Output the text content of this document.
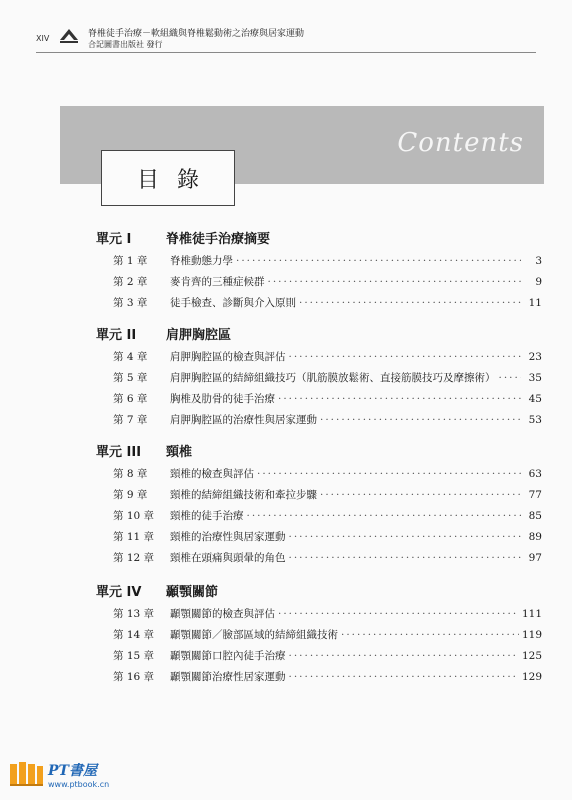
XIV	脊椎徒手治療－軟組織與脊椎鬆動術之治療與居家運動
合記圖書出版社 發行
Contents
目錄
單元 I	脊椎徒手治療摘要
第 1 章	脊椎動態力學 ·····	3
第 2 章	麥肯齊的三種症候群 ·····	9
第 3 章	徒手檢查、診斷與介入原則 ·····	11
單元 II	肩胛胸腔區
第 4 章	肩胛胸腔區的檢查與評估 ·····	23
第 5 章	肩胛胸腔區的結締組織技巧（肌筋膜放鬆術、直接筋膜技巧及摩擦術） ·····	35
第 6 章	胸椎及肋骨的徒手治療 ·····	45
第 7 章	肩胛胸腔區的治療性與居家運動 ·····	53
單元 III	頸椎
第 8 章	頸椎的檢查與評估 ·····	63
第 9 章	頸椎的結締組織技術和牽拉步驟 ·····	77
第 10 章	頸椎的徒手治療 ·····	85
第 11 章	頸椎的治療性與居家運動 ·····	89
第 12 章	頸椎在頭痛與頭暈的角色 ·····	97
單元 IV	顳顎關節
第 13 章	顳顎關節的檢查與評估 ·····	111
第 14 章	顳顎關節／臉部區域的結締組織技術 ·····	119
第 15 章	顳顎關節口腔內徒手治療 ·····	125
第 16 章	顳顎關節治療性居家運動 ·····	129
PT書屋
www.ptbook.cn
